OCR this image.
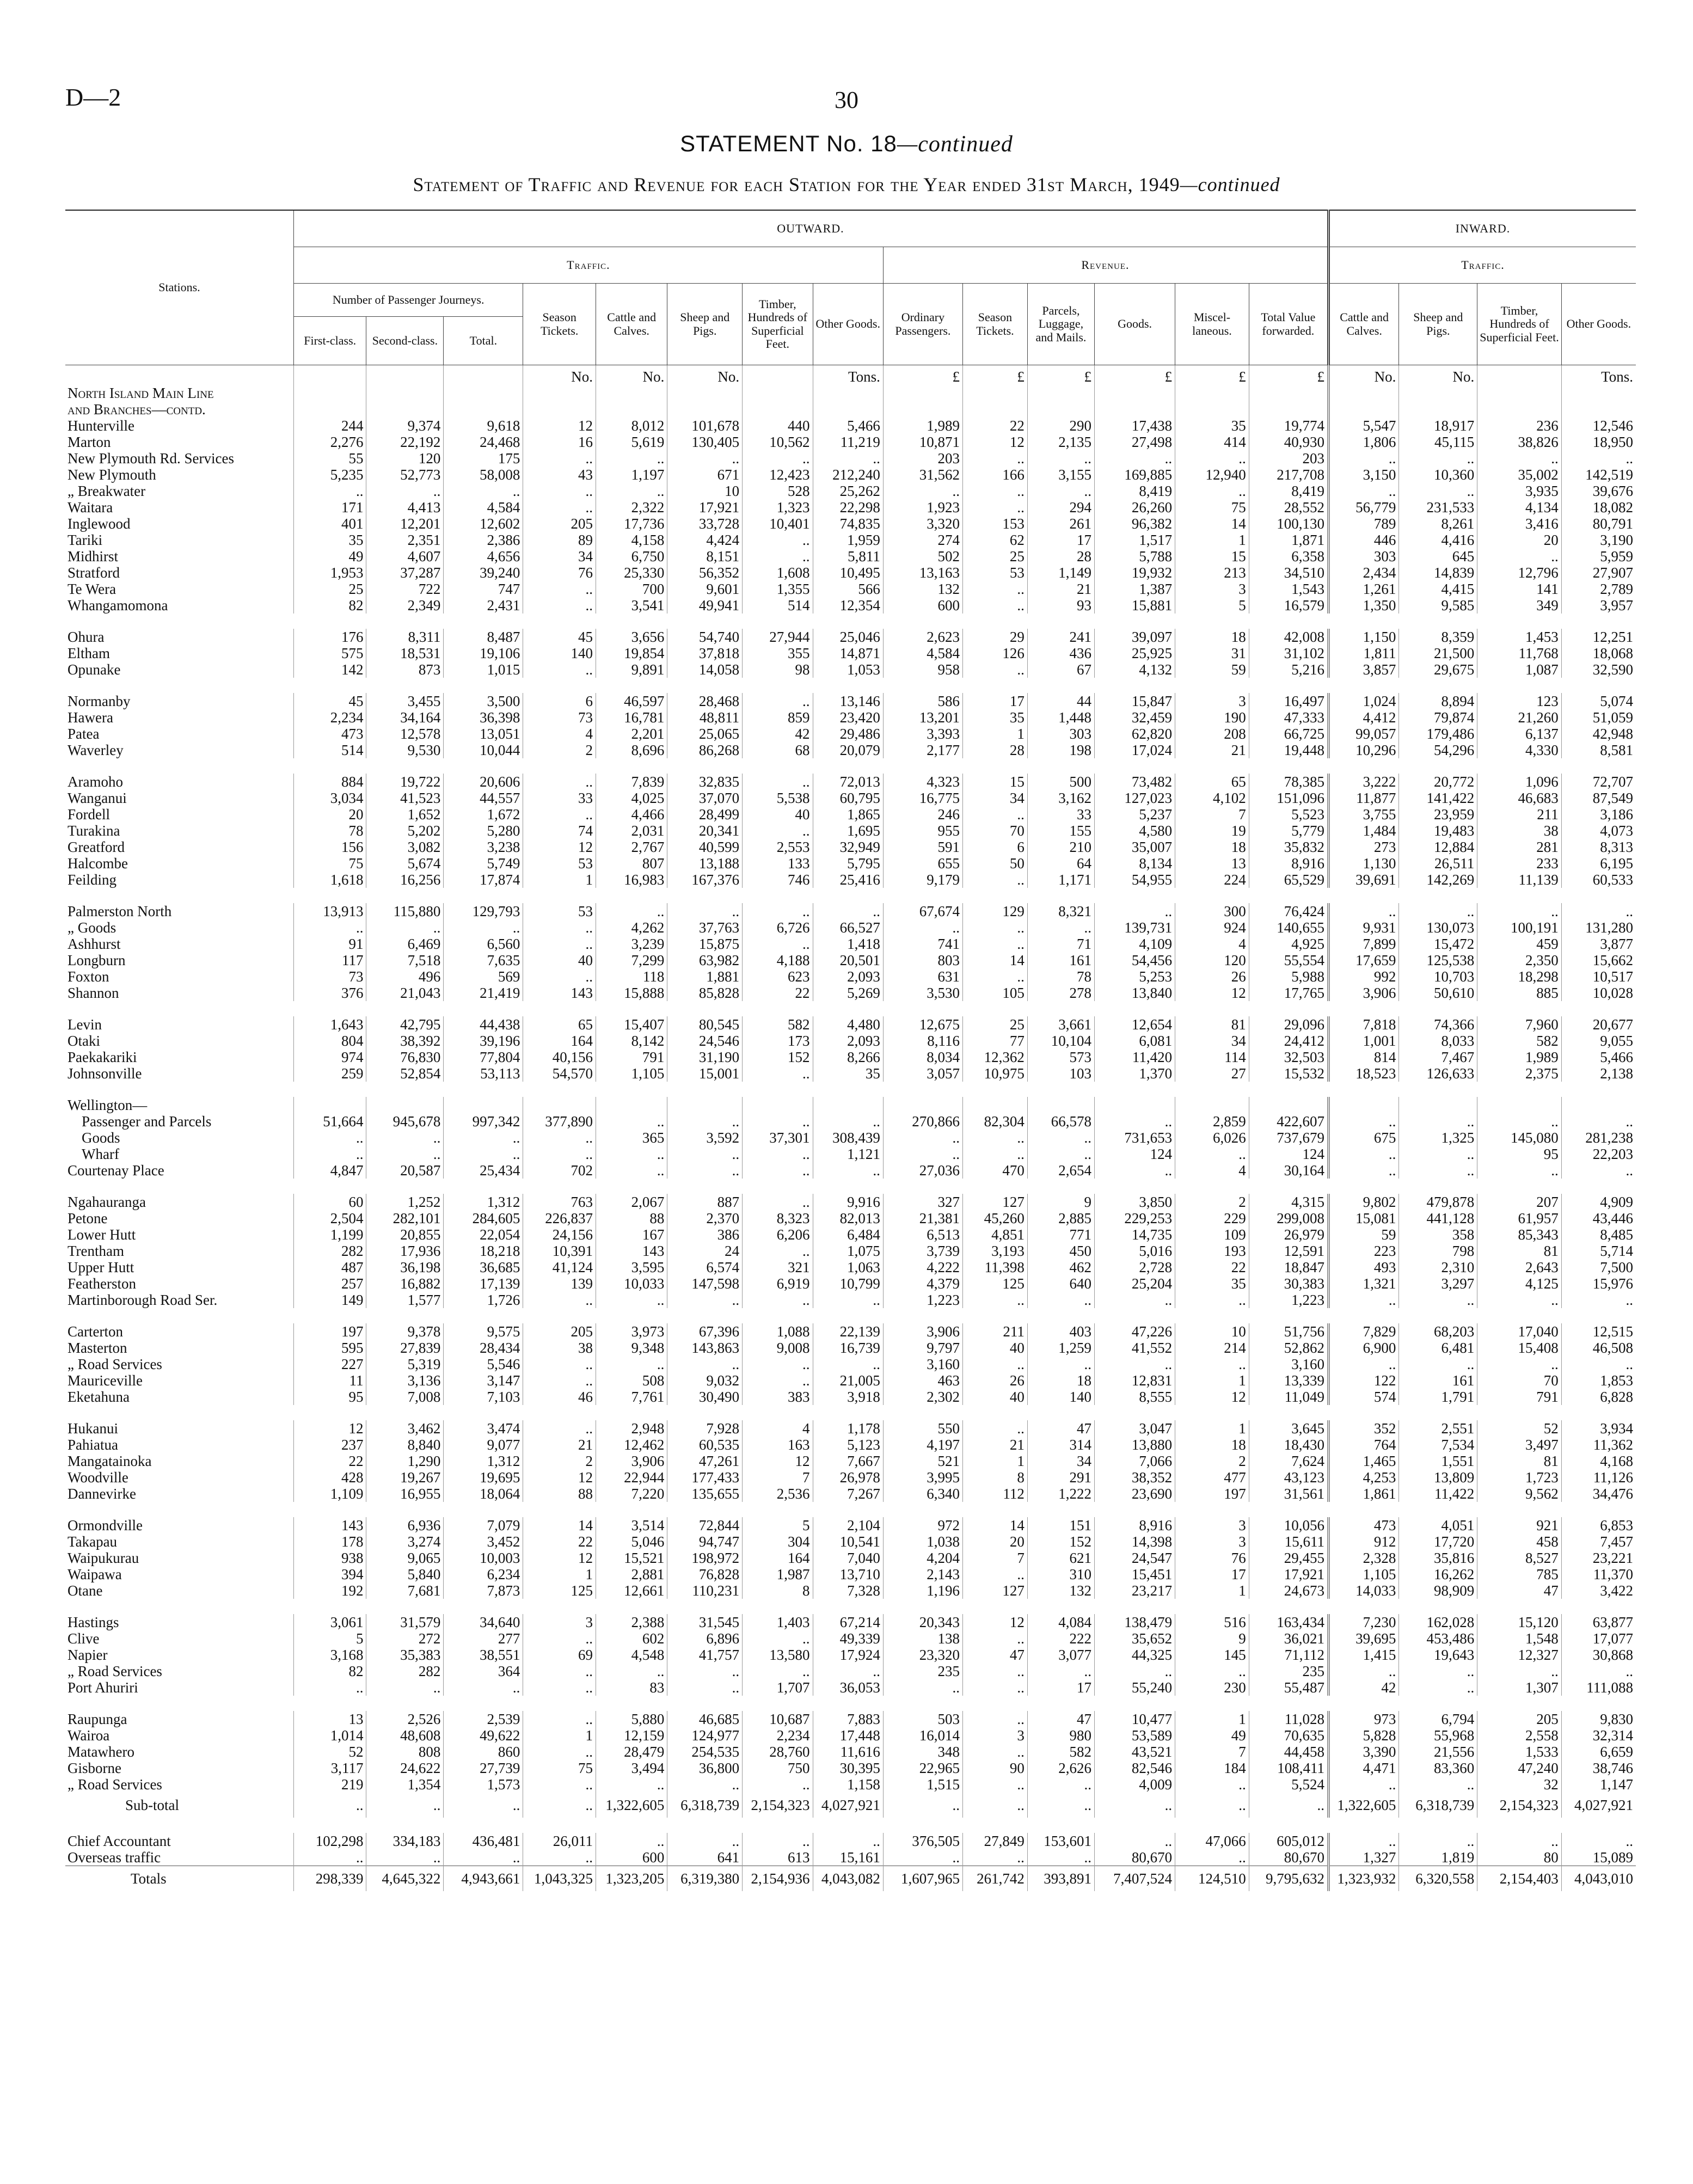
D—2	30
STATEMENT No. 18—continued
Statement of Traffic and Revenue for each Station for the Year ended 31st March, 1949—continued
Stations.	OUTWARD.														INWARD.			
	Traffic.								Revenue.						Traffic.			
	Number of Passenger Journeys.			Season Tickets.	Cattle and Calves.	Sheep and Pigs.	Timber, Hundreds of Superficial Feet.	Other Goods.	Ordinary Passengers.	Season Tickets.	Parcels, Luggage, and Mails.	Goods.	Miscel-laneous.	Total Value forwarded.	Cattle and Calves.	Sheep and Pigs.	Timber, Hundreds of Superficial Feet.	Other Goods.
	First-class.	Second-class.	Total.															
				No.	No.	No.		Tons.	£	£	£	£	£	£	No.	No.		Tons.
North Island Main Line																		
and Branches—contd.																		
Hunterville	244	9,374	9,618	12	8,012	101,678	440	5,466	1,989	22	290	17,438	35	19,774	5,547	18,917	236	12,546
Marton	2,276	22,192	24,468	16	5,619	130,405	10,562	11,219	10,871	12	2,135	27,498	414	40,930	1,806	45,115	38,826	18,950
New Plymouth Rd. Services	55	120	175	..	..	..	..	..	203	..	..	..	..	203	..	..	..	..
New Plymouth	5,235	52,773	58,008	43	1,197	671	12,423	212,240	31,562	166	3,155	169,885	12,940	217,708	3,150	10,360	35,002	142,519
„ Breakwater	..	..	..	..	..	10	528	25,262	..	..	..	8,419	..	8,419	..	..	3,935	39,676
Waitara	171	4,413	4,584	..	2,322	17,921	1,323	22,298	1,923	..	294	26,260	75	28,552	56,779	231,533	4,134	18,082
Inglewood	401	12,201	12,602	205	17,736	33,728	10,401	74,835	3,320	153	261	96,382	14	100,130	789	8,261	3,416	80,791
Tariki	35	2,351	2,386	89	4,158	4,424	..	1,959	274	62	17	1,517	1	1,871	446	4,416	20	3,190
Midhirst	49	4,607	4,656	34	6,750	8,151	..	5,811	502	25	28	5,788	15	6,358	303	645	..	5,959
Stratford	1,953	37,287	39,240	76	25,330	56,352	1,608	10,495	13,163	53	1,149	19,932	213	34,510	2,434	14,839	12,796	27,907
Te Wera	25	722	747	..	700	9,601	1,355	566	132	..	21	1,387	3	1,543	1,261	4,415	141	2,789
Whangamomona	82	2,349	2,431	..	3,541	49,941	514	12,354	600	..	93	15,881	5	16,579	1,350	9,585	349	3,957

Ohura	176	8,311	8,487	45	3,656	54,740	27,944	25,046	2,623	29	241	39,097	18	42,008	1,150	8,359	1,453	12,251
Eltham	575	18,531	19,106	140	19,854	37,818	355	14,871	4,584	126	436	25,925	31	31,102	1,811	21,500	11,768	18,068
Opunake	142	873	1,015	..	9,891	14,058	98	1,053	958	..	67	4,132	59	5,216	3,857	29,675	1,087	32,590

Normanby	45	3,455	3,500	6	46,597	28,468	..	13,146	586	17	44	15,847	3	16,497	1,024	8,894	123	5,074
Hawera	2,234	34,164	36,398	73	16,781	48,811	859	23,420	13,201	35	1,448	32,459	190	47,333	4,412	79,874	21,260	51,059
Patea	473	12,578	13,051	4	2,201	25,065	42	29,486	3,393	1	303	62,820	208	66,725	99,057	179,486	6,137	42,948
Waverley	514	9,530	10,044	2	8,696	86,268	68	20,079	2,177	28	198	17,024	21	19,448	10,296	54,296	4,330	8,581

Aramoho	884	19,722	20,606	..	7,839	32,835	..	72,013	4,323	15	500	73,482	65	78,385	3,222	20,772	1,096	72,707
Wanganui	3,034	41,523	44,557	33	4,025	37,070	5,538	60,795	16,775	34	3,162	127,023	4,102	151,096	11,877	141,422	46,683	87,549
Fordell	20	1,652	1,672	..	4,466	28,499	40	1,865	246	..	33	5,237	7	5,523	3,755	23,959	211	3,186
Turakina	78	5,202	5,280	74	2,031	20,341	..	1,695	955	70	155	4,580	19	5,779	1,484	19,483	38	4,073
Greatford	156	3,082	3,238	12	2,767	40,599	2,553	32,949	591	6	210	35,007	18	35,832	273	12,884	281	8,313
Halcombe	75	5,674	5,749	53	807	13,188	133	5,795	655	50	64	8,134	13	8,916	1,130	26,511	233	6,195
Feilding	1,618	16,256	17,874	1	16,983	167,376	746	25,416	9,179	..	1,171	54,955	224	65,529	39,691	142,269	11,139	60,533

Palmerston North	13,913	115,880	129,793	53	..	..	..	..	67,674	129	8,321	..	300	76,424	..	..	..	..
„ Goods	..	..	..	..	4,262	37,763	6,726	66,527	..	..	..	139,731	924	140,655	9,931	130,073	100,191	131,280
Ashhurst	91	6,469	6,560	..	3,239	15,875	..	1,418	741	..	71	4,109	4	4,925	7,899	15,472	459	3,877
Longburn	117	7,518	7,635	40	7,299	63,982	4,188	20,501	803	14	161	54,456	120	55,554	17,659	125,538	2,350	15,662
Foxton	73	496	569	..	118	1,881	623	2,093	631	..	78	5,253	26	5,988	992	10,703	18,298	10,517
Shannon	376	21,043	21,419	143	15,888	85,828	22	5,269	3,530	105	278	13,840	12	17,765	3,906	50,610	885	10,028

Levin	1,643	42,795	44,438	65	15,407	80,545	582	4,480	12,675	25	3,661	12,654	81	29,096	7,818	74,366	7,960	20,677
Otaki	804	38,392	39,196	164	8,142	24,546	173	2,093	8,116	77	10,104	6,081	34	24,412	1,001	8,033	582	9,055
Paekakariki	974	76,830	77,804	40,156	791	31,190	152	8,266	8,034	12,362	573	11,420	114	32,503	814	7,467	1,989	5,466
Johnsonville	259	52,854	53,113	54,570	1,105	15,001	..	35	3,057	10,975	103	1,370	27	15,532	18,523	126,633	2,375	2,138

Wellington—																		
Passenger and Parcels	51,664	945,678	997,342	377,890	..	..	..	..	270,866	82,304	66,578	..	2,859	422,607	..	..	..	..
Goods	..	..	..	..	365	3,592	37,301	308,439	..	..	..	731,653	6,026	737,679	675	1,325	145,080	281,238
Wharf	..	..	..	..	..	..	..	1,121	..	..	..	124	..	124	..	..	95	22,203
Courtenay Place	4,847	20,587	25,434	702	..	..	..	..	27,036	470	2,654	..	4	30,164	..	..	..	..

Ngahauranga	60	1,252	1,312	763	2,067	887	..	9,916	327	127	9	3,850	2	4,315	9,802	479,878	207	4,909
Petone	2,504	282,101	284,605	226,837	88	2,370	8,323	82,013	21,381	45,260	2,885	229,253	229	299,008	15,081	441,128	61,957	43,446
Lower Hutt	1,199	20,855	22,054	24,156	167	386	6,206	6,484	6,513	4,851	771	14,735	109	26,979	59	358	85,343	8,485
Trentham	282	17,936	18,218	10,391	143	24	..	1,075	3,739	3,193	450	5,016	193	12,591	223	798	81	5,714
Upper Hutt	487	36,198	36,685	41,124	3,595	6,574	321	1,063	4,222	11,398	462	2,728	22	18,847	493	2,310	2,643	7,500
Featherston	257	16,882	17,139	139	10,033	147,598	6,919	10,799	4,379	125	640	25,204	35	30,383	1,321	3,297	4,125	15,976
Martinborough Road Ser.	149	1,577	1,726	..	..	..	..	..	1,223	..	..	..	..	1,223	..	..	..	..

Carterton	197	9,378	9,575	205	3,973	67,396	1,088	22,139	3,906	211	403	47,226	10	51,756	7,829	68,203	17,040	12,515
Masterton	595	27,839	28,434	38	9,348	143,863	9,008	16,739	9,797	40	1,259	41,552	214	52,862	6,900	6,481	15,408	46,508
„ Road Services	227	5,319	5,546	..	..	..	..	..	3,160	..	..	..	..	3,160	..	..	..	..
Mauriceville	11	3,136	3,147	..	508	9,032	..	21,005	463	26	18	12,831	1	13,339	122	161	70	1,853
Eketahuna	95	7,008	7,103	46	7,761	30,490	383	3,918	2,302	40	140	8,555	12	11,049	574	1,791	791	6,828

Hukanui	12	3,462	3,474	..	2,948	7,928	4	1,178	550	..	47	3,047	1	3,645	352	2,551	52	3,934
Pahiatua	237	8,840	9,077	21	12,462	60,535	163	5,123	4,197	21	314	13,880	18	18,430	764	7,534	3,497	11,362
Mangatainoka	22	1,290	1,312	2	3,906	47,261	12	7,667	521	1	34	7,066	2	7,624	1,465	1,551	81	4,168
Woodville	428	19,267	19,695	12	22,944	177,433	7	26,978	3,995	8	291	38,352	477	43,123	4,253	13,809	1,723	11,126
Dannevirke	1,109	16,955	18,064	88	7,220	135,655	2,536	7,267	6,340	112	1,222	23,690	197	31,561	1,861	11,422	9,562	34,476

Ormondville	143	6,936	7,079	14	3,514	72,844	5	2,104	972	14	151	8,916	3	10,056	473	4,051	921	6,853
Takapau	178	3,274	3,452	22	5,046	94,747	304	10,541	1,038	20	152	14,398	3	15,611	912	17,720	458	7,457
Waipukurau	938	9,065	10,003	12	15,521	198,972	164	7,040	4,204	7	621	24,547	76	29,455	2,328	35,816	8,527	23,221
Waipawa	394	5,840	6,234	1	2,881	76,828	1,987	13,710	2,143	..	310	15,451	17	17,921	1,105	16,262	785	11,370
Otane	192	7,681	7,873	125	12,661	110,231	8	7,328	1,196	127	132	23,217	1	24,673	14,033	98,909	47	3,422

Hastings	3,061	31,579	34,640	3	2,388	31,545	1,403	67,214	20,343	12	4,084	138,479	516	163,434	7,230	162,028	15,120	63,877
Clive	5	272	277	..	602	6,896	..	49,339	138	..	222	35,652	9	36,021	39,695	453,486	1,548	17,077
Napier	3,168	35,383	38,551	69	4,548	41,757	13,580	17,924	23,320	47	3,077	44,325	145	71,112	1,415	19,643	12,327	30,868
„ Road Services	82	282	364	..	..	..	..	..	235	..	..	..	..	235	..	..	..	..
Port Ahuriri	..	..	..	..	83	..	1,707	36,053	..	..	17	55,240	230	55,487	42	..	1,307	111,088

Raupunga	13	2,526	2,539	..	5,880	46,685	10,687	7,883	503	..	47	10,477	1	11,028	973	6,794	205	9,830
Wairoa	1,014	48,608	49,622	1	12,159	124,977	2,234	17,448	16,014	3	980	53,589	49	70,635	5,828	55,968	2,558	32,314
Matawhero	52	808	860	..	28,479	254,535	28,760	11,616	348	..	582	43,521	7	44,458	3,390	21,556	1,533	6,659
Gisborne	3,117	24,622	27,739	75	3,494	36,800	750	30,395	22,965	90	2,626	82,546	184	108,411	4,471	83,360	47,240	38,746
„ Road Services	219	1,354	1,573	..	..	..	..	1,158	1,515	..	..	4,009	..	5,524	..	..	32	1,147
Sub-total	..	..	..	..	1,322,605	6,318,739	2,154,323	4,027,921	..	..	..	..	..	..	1,322,605	6,318,739	2,154,323	4,027,921

Chief Accountant	102,298	334,183	436,481	26,011	..	..	..	..	376,505	27,849	153,601	..	47,066	605,012	..	..	..	..
Overseas traffic	..	..	..	..	600	641	613	15,161	..	..	..	80,670	..	80,670	1,327	1,819	80	15,089
Totals	298,339	4,645,322	4,943,661	1,043,325	1,323,205	6,319,380	2,154,936	4,043,082	1,607,965	261,742	393,891	7,407,524	124,510	9,795,632	1,323,932	6,320,558	2,154,403	4,043,010
